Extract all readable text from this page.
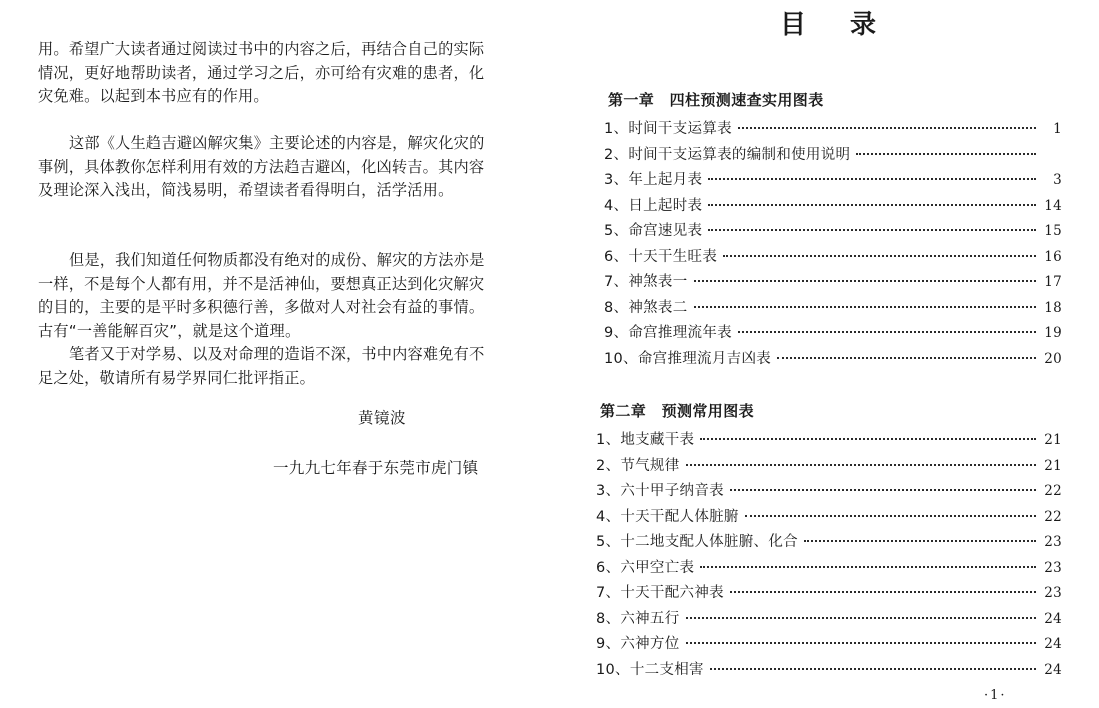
用。希望广大读者通过阅读过书中的内容之后，再结合自己的实际情况，更好地帮助读者，通过学习之后，亦可给有灾难的患者，化灾免难。以起到本书应有的作用。

这部《人生趋吉避凶解灾集》主要论述的内容是，解灾化灾的事例，具体教你怎样利用有效的方法趋吉避凶，化凶转吉。其内容及理论深入浅出，简浅易明，希望读者看得明白，活学活用。

但是，我们知道任何物质都没有绝对的成份、解灾的方法亦是一样，不是每个人都有用，并不是活神仙，要想真正达到化灾解灾的目的，主要的是平时多积德行善，多做对人对社会有益的事情。古有“一善能解百灾”，就是这个道理。

笔者又于对学易、以及对命理的造诣不深，书中内容难免有不足之处，敬请所有易学界同仁批评指正。

黄镜波
一九九七年春于东莞市虎门镇
目录
第一章　四柱预测速查实用图表
1、时间干支运算表	1
2、时间干支运算表的编制和使用说明
3、年上起月表	3
4、日上起时表	14
5、命宫速见表	15
6、十天干生旺表	16
7、神煞表一	17
8、神煞表二	18
9、命宫推理流年表	19
10、命宫推理流月吉凶表	20
第二章　预测常用图表
1、地支藏干表	21
2、节气规律	21
3、六十甲子纳音表	22
4、十天干配人体脏腑	22
5、十二地支配人体脏腑、化合	23
6、六甲空亡表	23
7、十天干配六神表	23
8、六神五行	24
9、六神方位	24
10、十二支相害	24
·1·
